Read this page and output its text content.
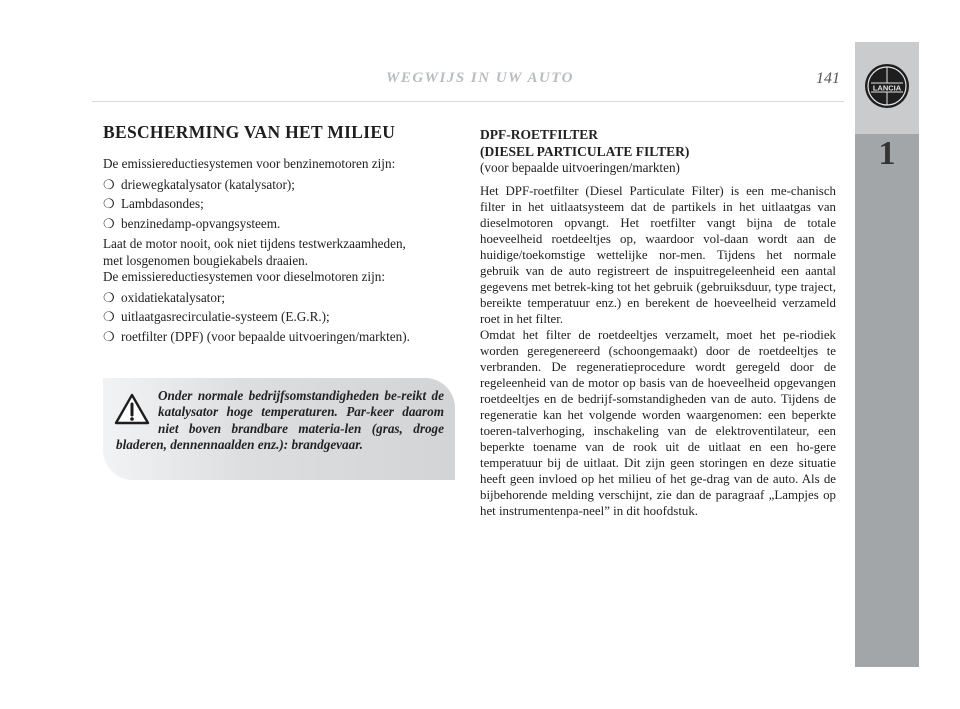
WEGWIJS IN UW AUTO	141
LANCIA
1
BESCHERMING VAN HET MILIEU

De emissiereductiesystemen voor benzinemotoren zijn:

❍ driewegkatalysator (katalysator);

❍ Lambdasondes;

❍ benzinedamp-opvangsysteem.

Laat de motor nooit, ook niet tijdens testwerkzaamheden,

met losgenomen bougiekabels draaien.

De emissiereductiesystemen voor dieselmotoren zijn:

❍ oxidatiekatalysator;

❍ uitlaatgasrecirculatie-systeem (E.G.R.);

❍ roetfilter (DPF) (voor bepaalde uitvoeringen/markten).

Onder normale bedrijfsomstandigheden be-reikt de katalysator hoge temperaturen. Par-keer daarom niet boven brandbare materia-len (gras, droge bladeren, dennennaalden enz.): brandgevaar.

DPF-ROETFILTER

(DIESEL PARTICULATE FILTER)

(voor bepaalde uitvoeringen/markten)

Het DPF-roetfilter (Diesel Particulate Filter) is een me-chanisch filter in het uitlaatsysteem dat de partikels in het uitlaatgas van dieselmotoren opvangt. Het roetfilter vangt bijna de totale hoeveelheid roetdeeltjes op, waardoor vol-daan wordt aan de huidige/toekomstige wettelijke nor-men. Tijdens het normale gebruik van de auto registreert de inspuitregeleenheid een aantal gegevens met betrek-king tot het gebruik (gebruiksduur, type traject, bereikte temperatuur enz.) en berekent de hoeveelheid verzameld roet in het filter.

Omdat het filter de roetdeeltjes verzamelt, moet het pe-riodiek worden geregenereerd (schoongemaakt) door de roetdeeltjes te verbranden. De regeneratieprocedure wordt geregeld door de regeleenheid van de motor op basis van de hoeveelheid opgevangen roetdeeltjes en de bedrijf-somstandigheden van de auto. Tijdens de regeneratie kan het volgende worden waargenomen: een beperkte toeren-talverhoging, inschakeling van de elektroventilateur, een beperkte toename van de rook uit de uitlaat en een ho-gere temperatuur bij de uitlaat. Dit zijn geen storingen en deze situatie heeft geen invloed op het milieu of het ge-drag van de auto. Als de bijbehorende melding verschijnt, zie dan de paragraaf „Lampjes op het instrumentenpa-neel” in dit hoofdstuk.
